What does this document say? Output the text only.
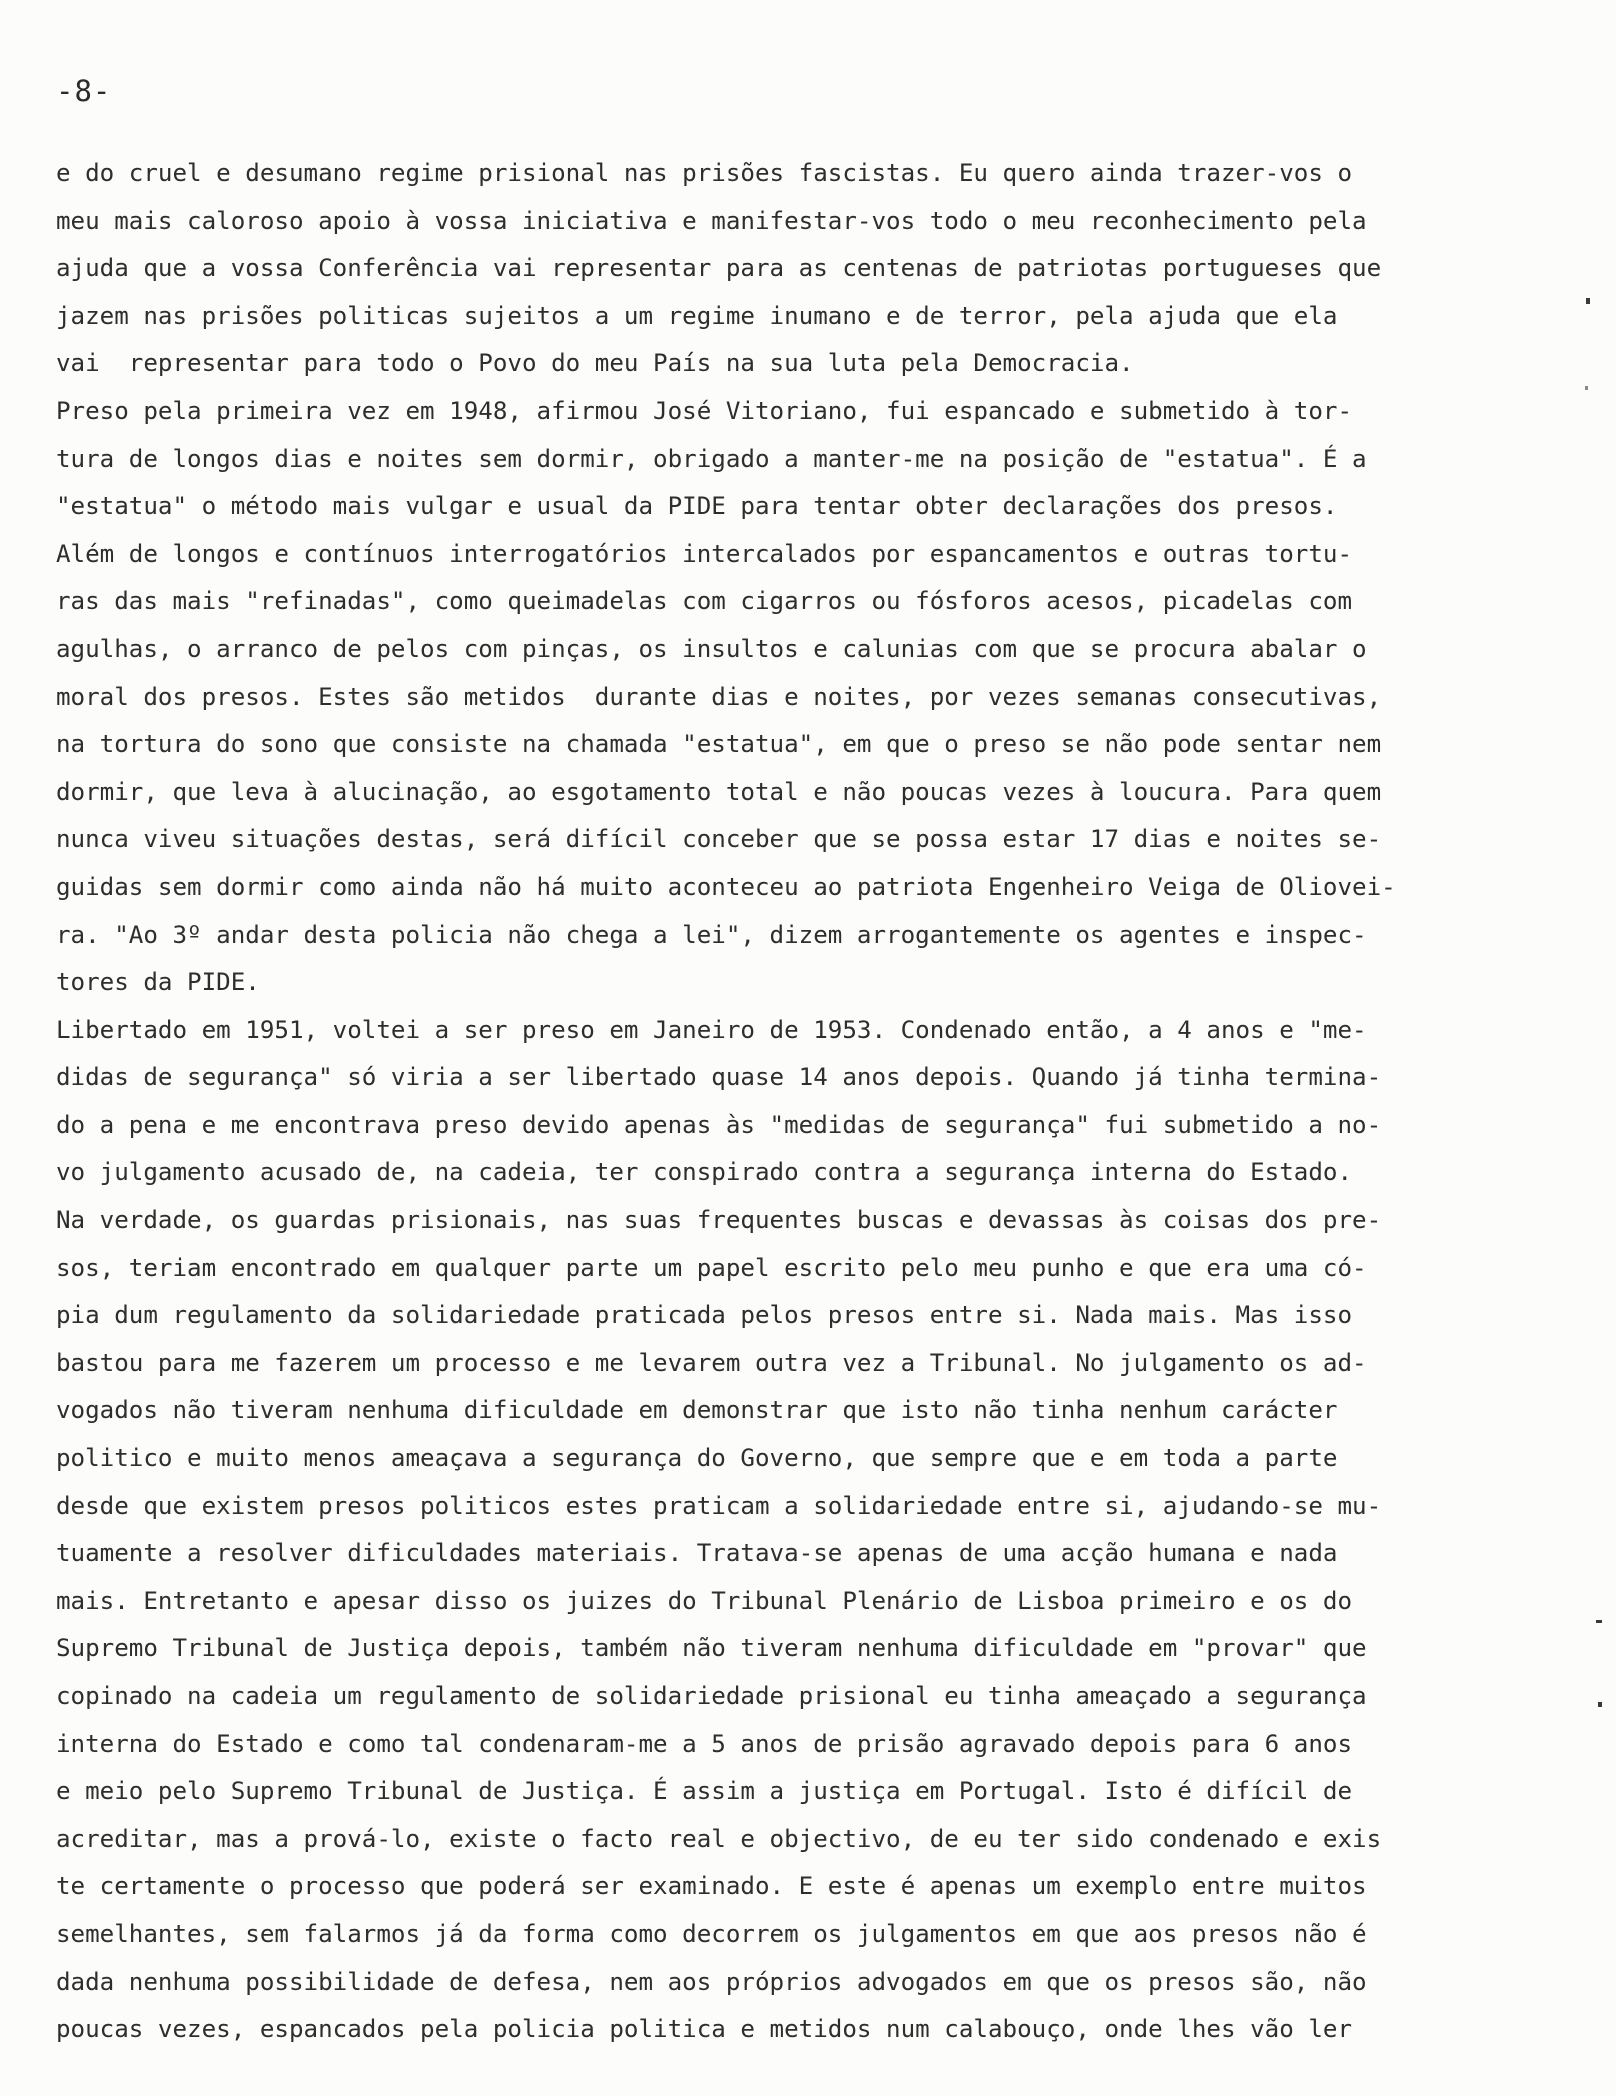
-8-
e do cruel e desumano regime prisional nas prisões fascistas. Eu quero ainda trazer-vos o
meu mais caloroso apoio à vossa iniciativa e manifestar-vos todo o meu reconhecimento pela
ajuda que a vossa Conferência vai representar para as centenas de patriotas portugueses que
jazem nas prisões politicas sujeitos a um regime inumano e de terror, pela ajuda que ela
vai  representar para todo o Povo do meu País na sua luta pela Democracia.
Preso pela primeira vez em 1948, afirmou José Vitoriano, fui espancado e submetido à tor-
tura de longos dias e noites sem dormir, obrigado a manter-me na posição de "estatua". É a
"estatua" o método mais vulgar e usual da PIDE para tentar obter declarações dos presos.
Além de longos e contínuos interrogatórios intercalados por espancamentos e outras tortu-
ras das mais "refinadas", como queimadelas com cigarros ou fósforos acesos, picadelas com
agulhas, o arranco de pelos com pinças, os insultos e calunias com que se procura abalar o
moral dos presos. Estes são metidos  durante dias e noites, por vezes semanas consecutivas,
na tortura do sono que consiste na chamada "estatua", em que o preso se não pode sentar nem
dormir, que leva à alucinação, ao esgotamento total e não poucas vezes à loucura. Para quem
nunca viveu situações destas, será difícil conceber que se possa estar 17 dias e noites se-
guidas sem dormir como ainda não há muito aconteceu ao patriota Engenheiro Veiga de Oliovei-
ra. "Ao 3º andar desta policia não chega a lei", dizem arrogantemente os agentes e inspec-
tores da PIDE.
Libertado em 1951, voltei a ser preso em Janeiro de 1953. Condenado então, a 4 anos e "me-
didas de segurança" só viria a ser libertado quase 14 anos depois. Quando já tinha termina-
do a pena e me encontrava preso devido apenas às "medidas de segurança" fui submetido a no-
vo julgamento acusado de, na cadeia, ter conspirado contra a segurança interna do Estado.
Na verdade, os guardas prisionais, nas suas frequentes buscas e devassas às coisas dos pre-
sos, teriam encontrado em qualquer parte um papel escrito pelo meu punho e que era uma có-
pia dum regulamento da solidariedade praticada pelos presos entre si. Nada mais. Mas isso
bastou para me fazerem um processo e me levarem outra vez a Tribunal. No julgamento os ad-
vogados não tiveram nenhuma dificuldade em demonstrar que isto não tinha nenhum carácter
politico e muito menos ameaçava a segurança do Governo, que sempre que e em toda a parte
desde que existem presos politicos estes praticam a solidariedade entre si, ajudando-se mu-
tuamente a resolver dificuldades materiais. Tratava-se apenas de uma acção humana e nada
mais. Entretanto e apesar disso os juizes do Tribunal Plenário de Lisboa primeiro e os do
Supremo Tribunal de Justiça depois, também não tiveram nenhuma dificuldade em "provar" que
copinado na cadeia um regulamento de solidariedade prisional eu tinha ameaçado a segurança
interna do Estado e como tal condenaram-me a 5 anos de prisão agravado depois para 6 anos
e meio pelo Supremo Tribunal de Justiça. É assim a justiça em Portugal. Isto é difícil de
acreditar, mas a prová-lo, existe o facto real e objectivo, de eu ter sido condenado e exis
te certamente o processo que poderá ser examinado. E este é apenas um exemplo entre muitos
semelhantes, sem falarmos já da forma como decorrem os julgamentos em que aos presos não é
dada nenhuma possibilidade de defesa, nem aos próprios advogados em que os presos são, não
poucas vezes, espancados pela policia politica e metidos num calabouço, onde lhes vão ler
